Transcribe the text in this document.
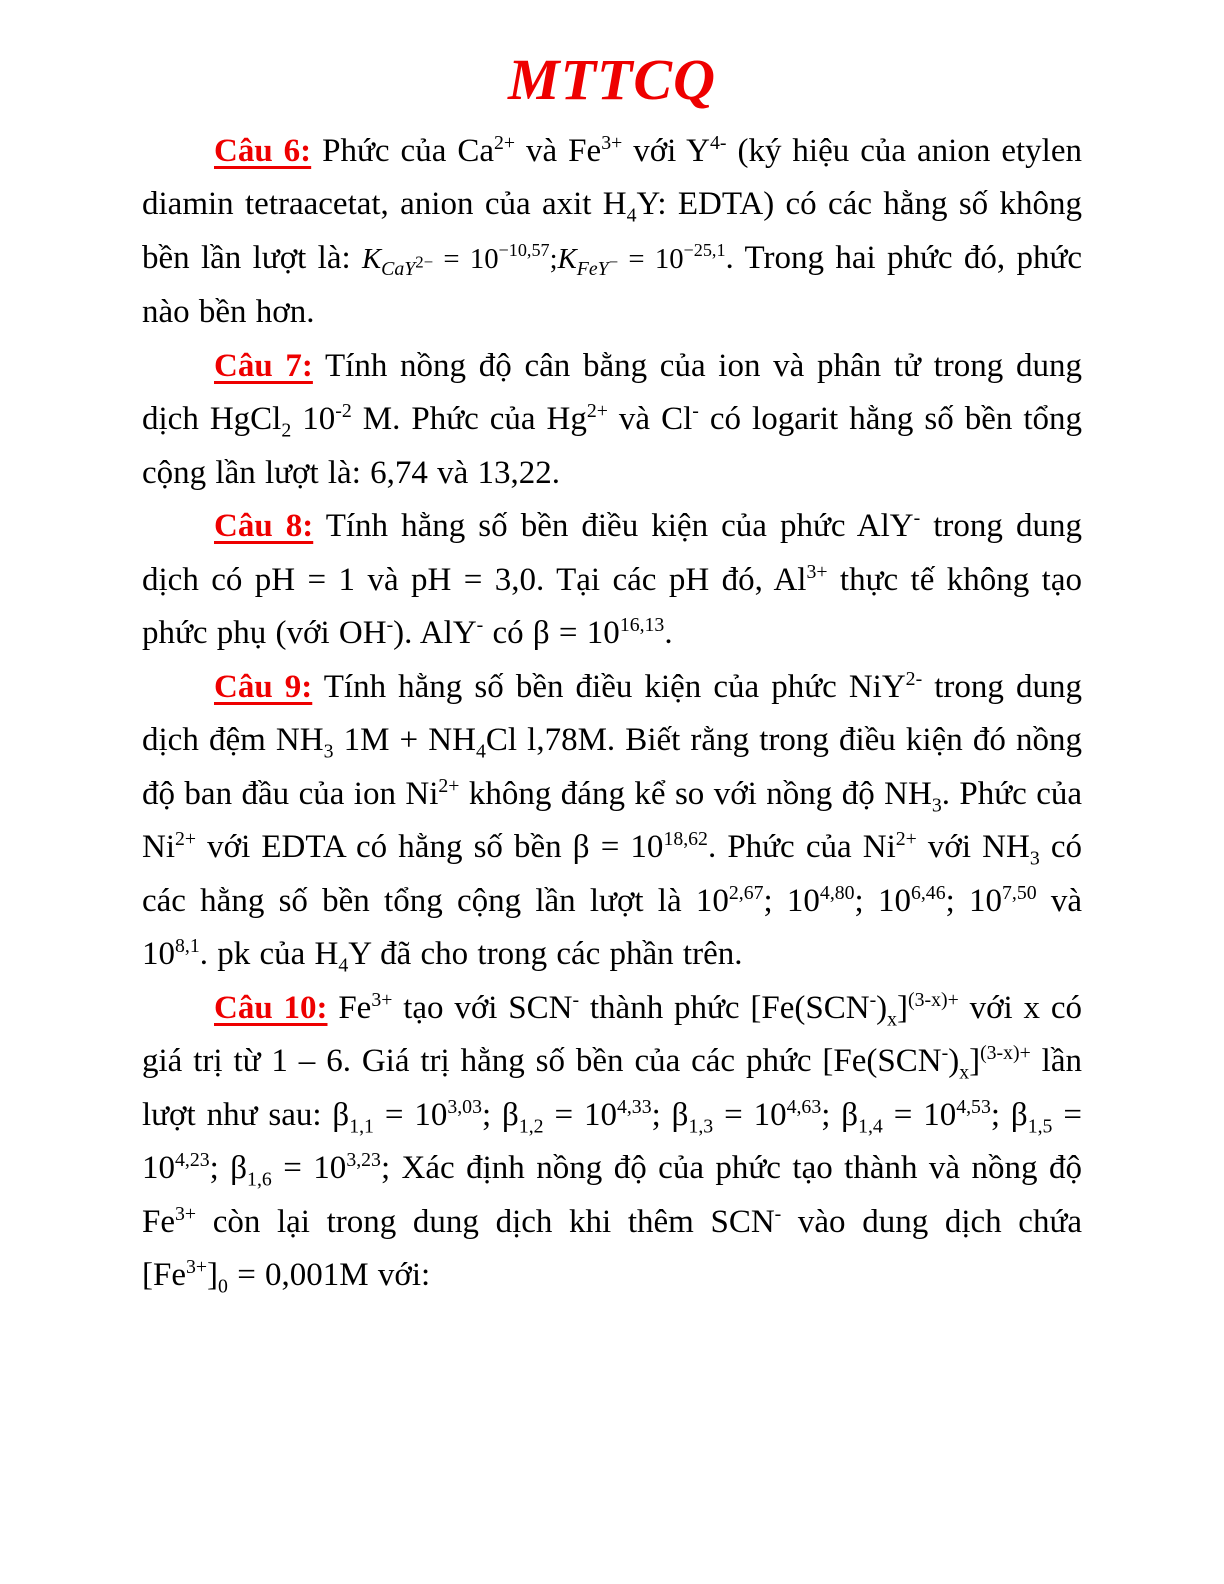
MTTCQ

Câu 6: Phức của $Ca^{2+}$ và $Fe^{3+}$ với $Y^{4-}$ (ký hiệu của anion etylen diamin tetraacetat, anion của axit $H_4Y$: EDTA) có các hằng số không bền lần lượt là: $K_{CaY^{2-}}$ = $10^{-10,57};K_{FeY^-} = 10^{-25,1}$. Trong hai phức đó, phức nào bền hơn.

Câu 7: Tính nồng độ cân bằng của ion và phân tử trong dung dịch HgCl$_2$ $10^{-2}$ M. Phức của $Hg^{2+}$ và Cl- có logarit hằng số bền tổng cộng lần lượt là: 6,74 và 13,22.

Câu 8: Tính hằng số bền điều kiện của phức AlY- trong dung dịch có pH = 1 và pH = 3,0. Tại các pH đó, $Al^{3+}$ thực tế không tạo phức phụ (với OH-). AlY- có $\beta = 10^{16,13}$.

Câu 9: Tính hằng số bền điều kiện của phức NiY$^{2-}$ trong dung dịch đệm $NH_3$ $1M + NH_4Cl$ l,78M. Biết rằng trong điều kiện đó nồng độ ban đầu của ion $Ni^{2+}$ không đáng kể so với nồng độ $NH_3$. Phức của $Ni^{2+}$ với EDTA có hằng số bền $\beta = 10^{18,62}$. Phức của $Ni^{2+}$ với $NH_3$ có các hằng số bền tổng cộng lần lượt là 10$^{2,67}$; 10$^{4,80}$; 10$^{6,46}$; 10$^{7,50}$ và 10$^{8,1}$. pk của $H_4Y$ đã cho trong các phần trên.

Câu 10: $Fe^{3+}$ tạo với SCN- thành phức $[Fe(SCN^-)_x]^{(3-x)+}$ với x có giá trị từ 1 – 6. Giá trị hằng số bền của các phức $[Fe(SCN^-)_x]^{(3-x)+}$ lần lượt như sau: $\beta_{1,1} = 10^{3,03}$; $\beta_{1,2} = 10^{4,33}$; $\beta_{1,3} = 10^{4,63}$; $\beta_{1,4} = 10^{4,53}$; $\beta_{1,5} = 10^{4,23}$; $\beta_{1,6} = 10^{3,23}$; Xác định nồng độ của phức tạo thành và nồng độ $Fe^{3+}$ còn lại trong dung dịch khi thêm SCN- vào dung dịch chứa $[Fe^{3+}]_0 = 0,001M$ với:
